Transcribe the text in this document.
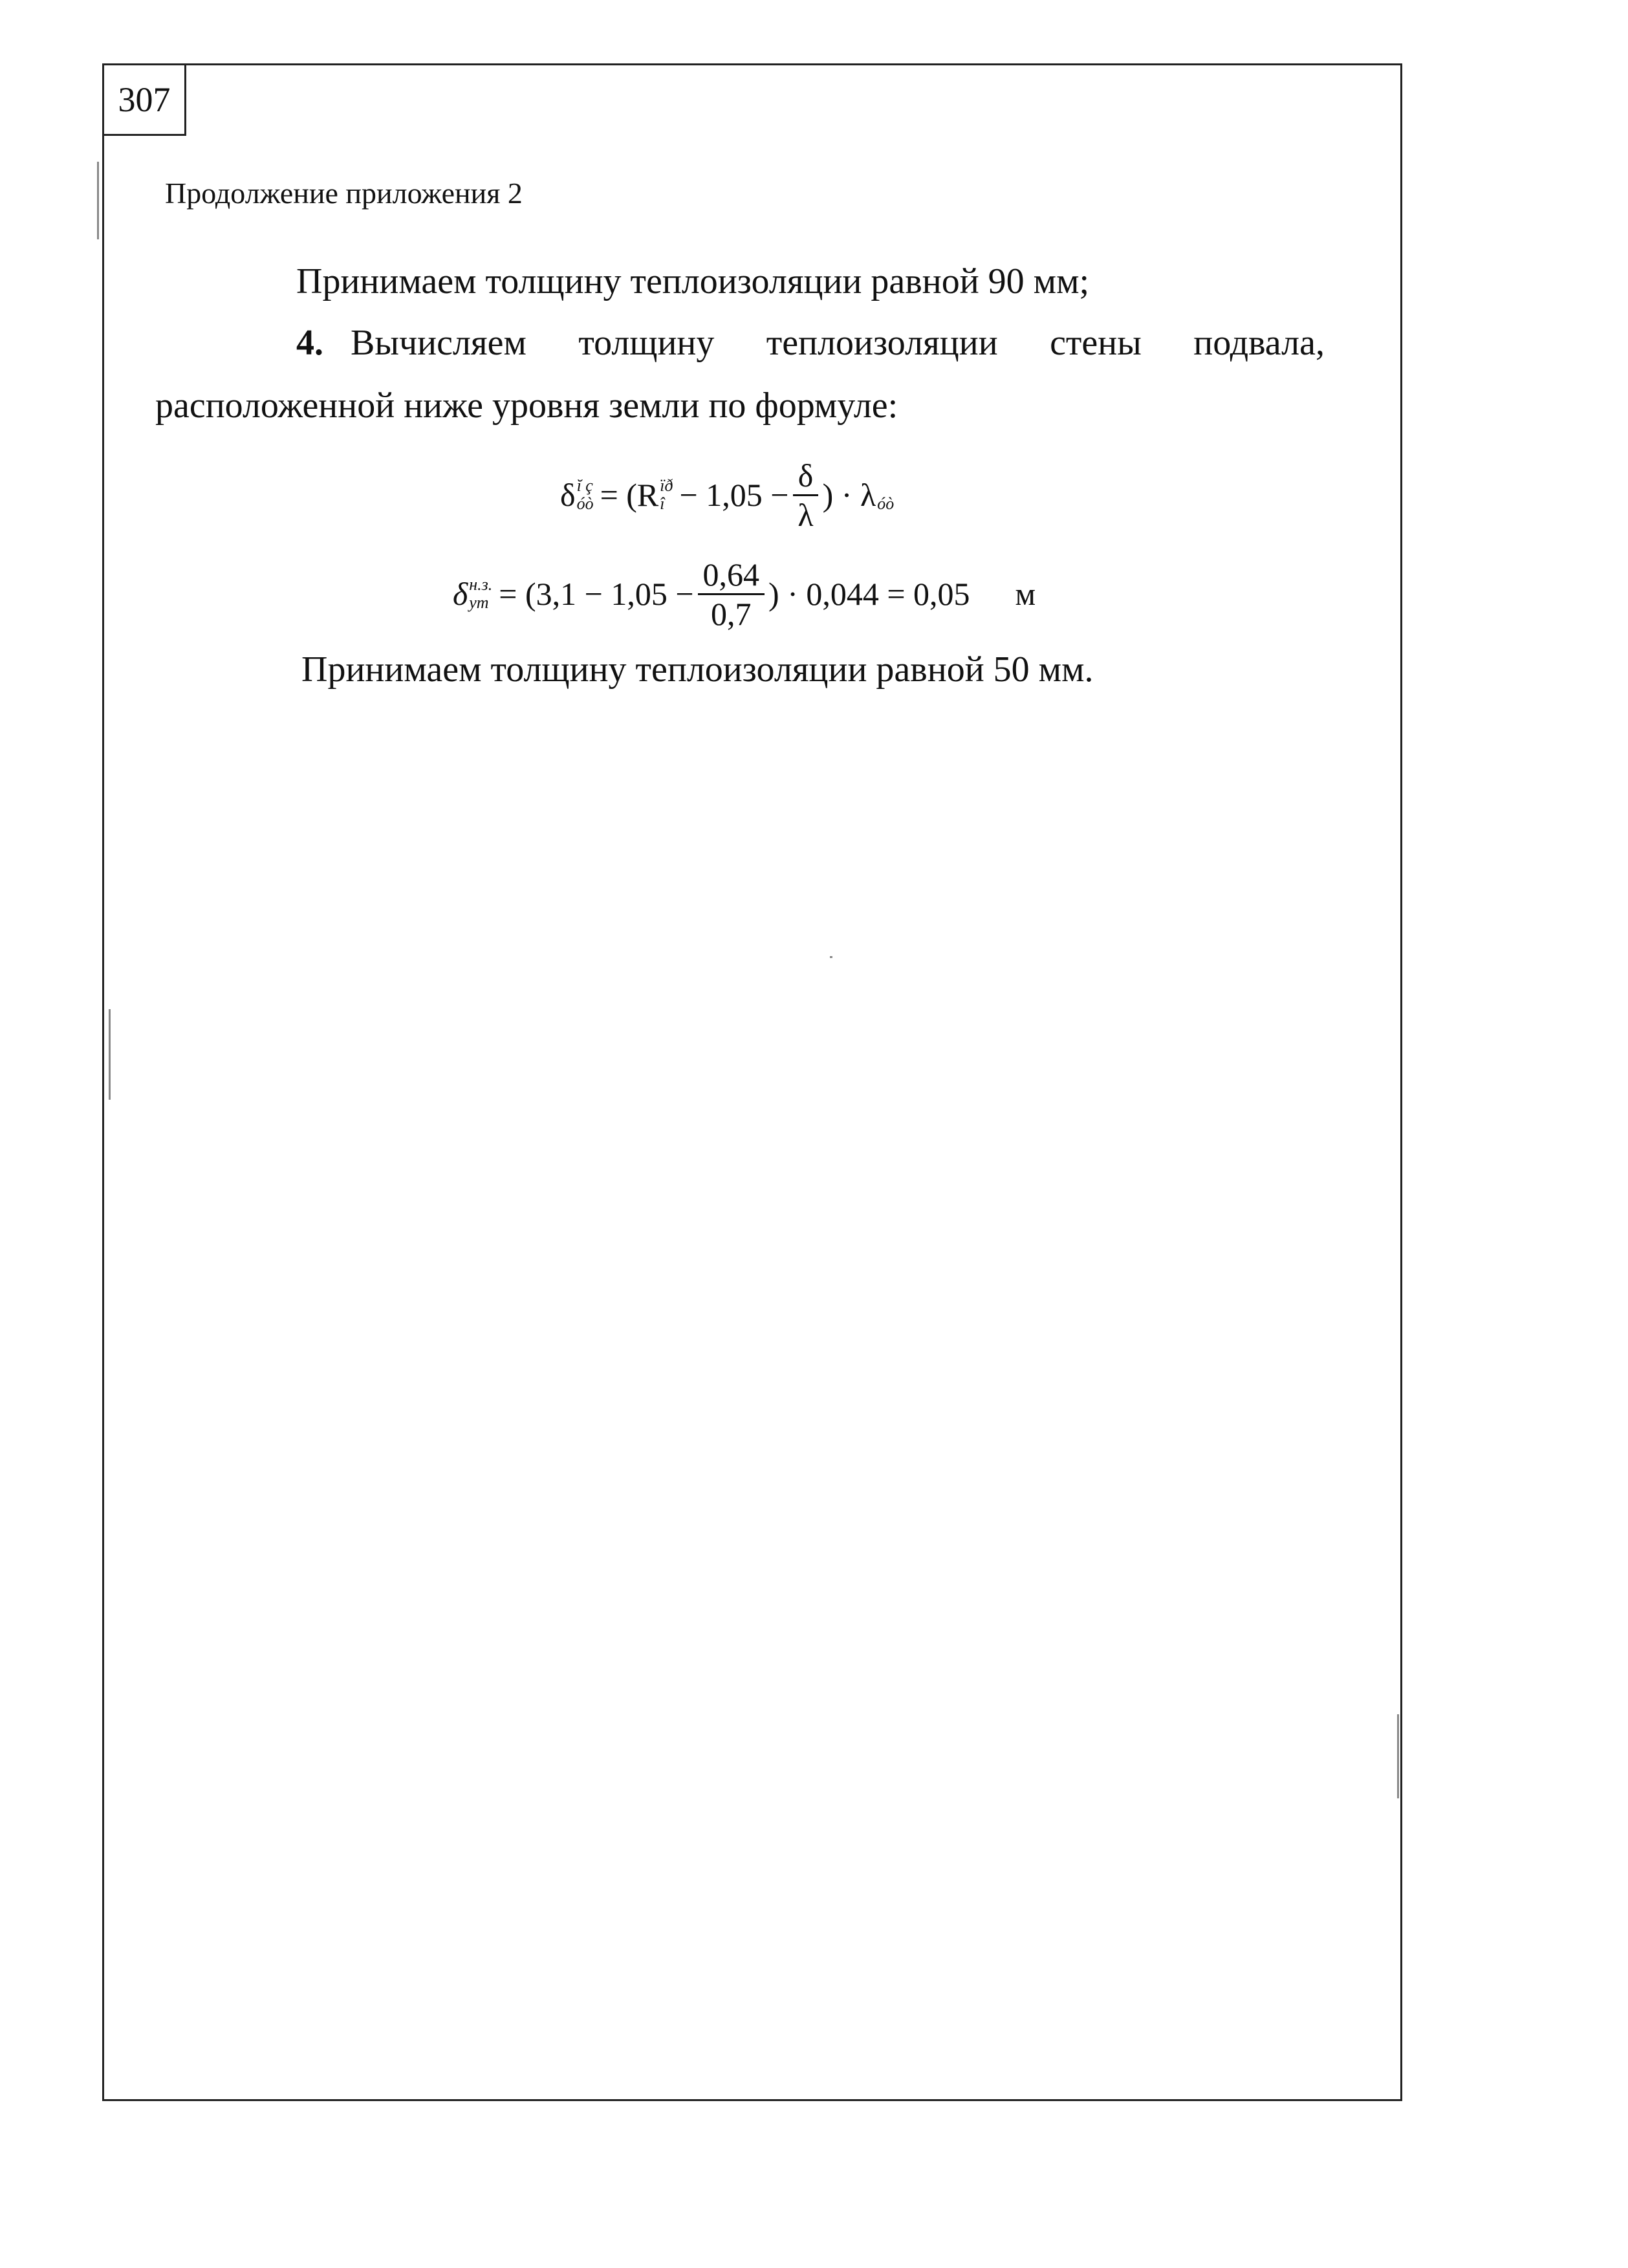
307
Продолжение приложения 2
Принимаем толщину теплоизоляции равной 90 мм;
4. Вычисляем толщину теплоизоляции стены подвала,
расположенной ниже уровня земли по формуле:
δ ĭ ç
óò = (R ïð
î − $1,05 - \frac{\delta}{\lambda}$ ) · λ
óò
δ н.з.
ут = ($3,1 - 1,05 - \frac{0,64}{0,7}$ ) · 0,044 = 0,05 м
Принимаем толщину теплоизоляции равной 50 мм.
